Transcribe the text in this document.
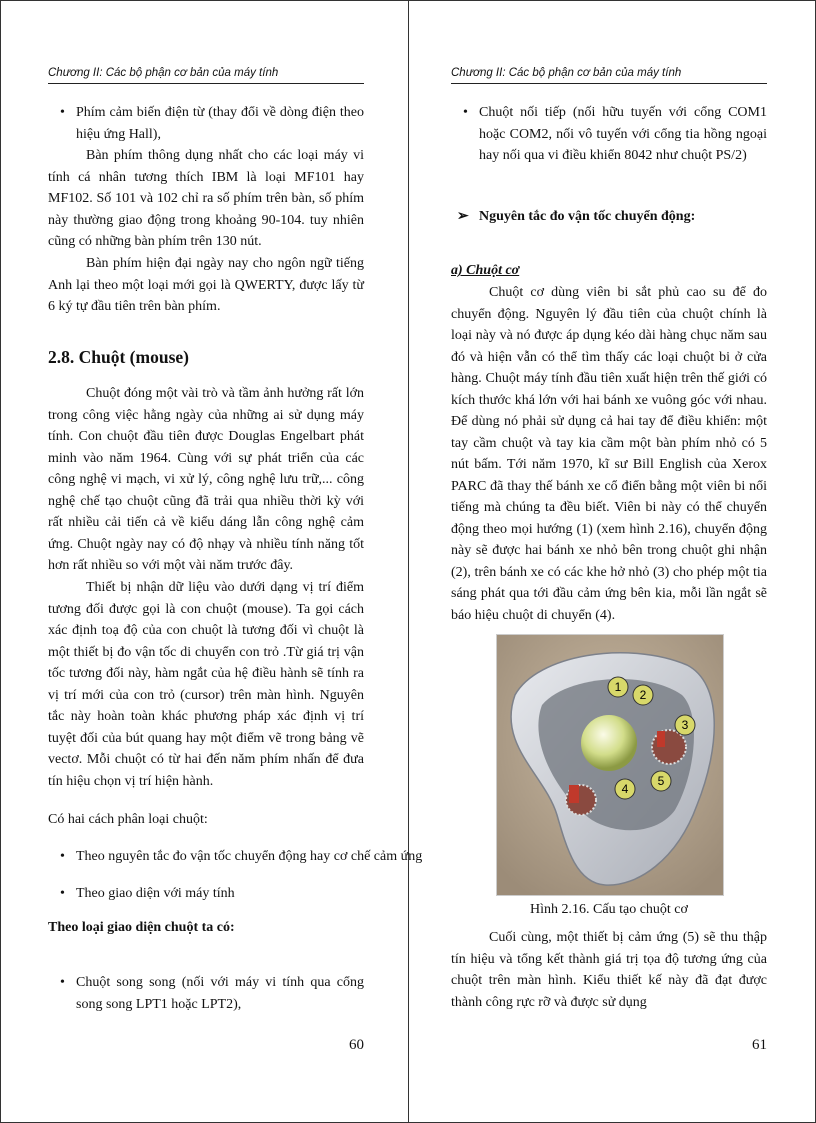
Chương II: Các bộ phận cơ bản của máy tính

• Phím cảm biến điện từ (thay đổi về dòng điện theo hiệu ứng Hall),

Bàn phím thông dụng nhất cho các loại máy vi tính cá nhân tương thích IBM là loại MF101 hay MF102. Số 101 và 102 chỉ ra số phím trên bàn, số phím này thường giao động trong khoảng 90-104. tuy nhiên cũng có những bàn phím trên 130 nút.

Bàn phím hiện đại ngày nay cho ngôn ngữ tiếng Anh lại theo một loại mới gọi là QWERTY, được lấy từ 6 ký tự đầu tiên trên bàn phím.

2.8. Chuột (mouse)

Chuột đóng một vài trò và tầm ảnh hưởng rất lớn trong công việc hằng ngày của những ai sử dụng máy tính. Con chuột đầu tiên được Douglas Engelbart phát minh vào năm 1964. Cùng với sự phát triển của các công nghệ vi mạch, vi xử lý, công nghệ lưu trữ,... công nghệ chế tạo chuột cũng đã trải qua nhiều thời kỳ với rất nhiều cải tiến cả về kiểu dáng lẫn công nghệ cảm ứng. Chuột ngày nay có độ nhạy và nhiều tính năng tốt hơn rất nhiều so với một vài năm trước đây.

Thiết bị nhận dữ liệu vào dưới dạng vị trí điểm tương đối được gọi là con chuột (mouse). Ta gọi cách xác định toạ độ của con chuột là tương đối vì chuột là một thiết bị đo vận tốc di chuyển con trỏ .Từ giá trị vận tốc tương đối này, hàm ngắt của hệ điều hành sẽ tính ra vị trí mới của con trỏ (cursor) trên màn hình. Nguyên tắc này hoàn toàn khác phương pháp xác định vị trí tuyệt đối của bút quang hay một điểm vẽ trong bảng vẽ vectơ. Mỗi chuột có từ hai đến năm phím nhấn để đưa tín hiệu chọn vị trí hiện hành.

Có hai cách phân loại chuột:

• Theo nguyên tắc đo vận tốc chuyển động hay cơ chế cảm ứng

• Theo giao diện với máy tính

Theo loại giao diện chuột ta có:

• Chuột song song (nối với máy vi tính qua cổng song song LPT1 hoặc LPT2),

60
Chương II: Các bộ phận cơ bản của máy tính

• Chuột nối tiếp (nối hữu tuyến với cổng COM1 hoặc COM2, nối vô tuyến với cổng tia hồng ngoại hay nối qua vi điều khiển 8042 như chuột PS/2)

➢ Nguyên tắc đo vận tốc chuyển động:

a) Chuột cơ

Chuột cơ dùng viên bi sắt phủ cao su để đo chuyển động. Nguyên lý đầu tiên của chuột chính là loại này và nó được áp dụng kéo dài hàng chục năm sau đó và hiện vẫn có thể tìm thấy các loại chuột bi ở cửa hàng. Chuột máy tính đầu tiên xuất hiện trên thế giới có kích thước khá lớn với hai bánh xe vuông góc với nhau. Để dùng nó phải sử dụng cả hai tay để điều khiển: một tay cầm chuột và tay kia cầm một bàn phím nhỏ có 5 nút bấm. Tới năm 1970, kĩ sư Bill English của Xerox PARC đã thay thế bánh xe cổ điển bằng một viên bi nổi tiếng mà chúng ta đều biết. Viên bi này có thể chuyển động theo mọi hướng (1) (xem hình 2.16), chuyển động này sẽ được hai bánh xe nhỏ bên trong chuột ghi nhận (2), trên bánh xe có các khe hở nhỏ (3) cho phép một tia sáng phát qua tới đầu cảm ứng bên kia, mỗi lần ngắt sẽ báo hiệu chuột di chuyển (4).

1
2
3
4
5
Hình 2.16. Cấu tạo chuột cơ

Cuối cùng, một thiết bị cảm ứng (5) sẽ thu thập tín hiệu và tổng kết thành giá trị tọa độ tương ứng của chuột trên màn hình. Kiểu thiết kế này đã đạt được thành công rực rỡ và được sử dụng

61
